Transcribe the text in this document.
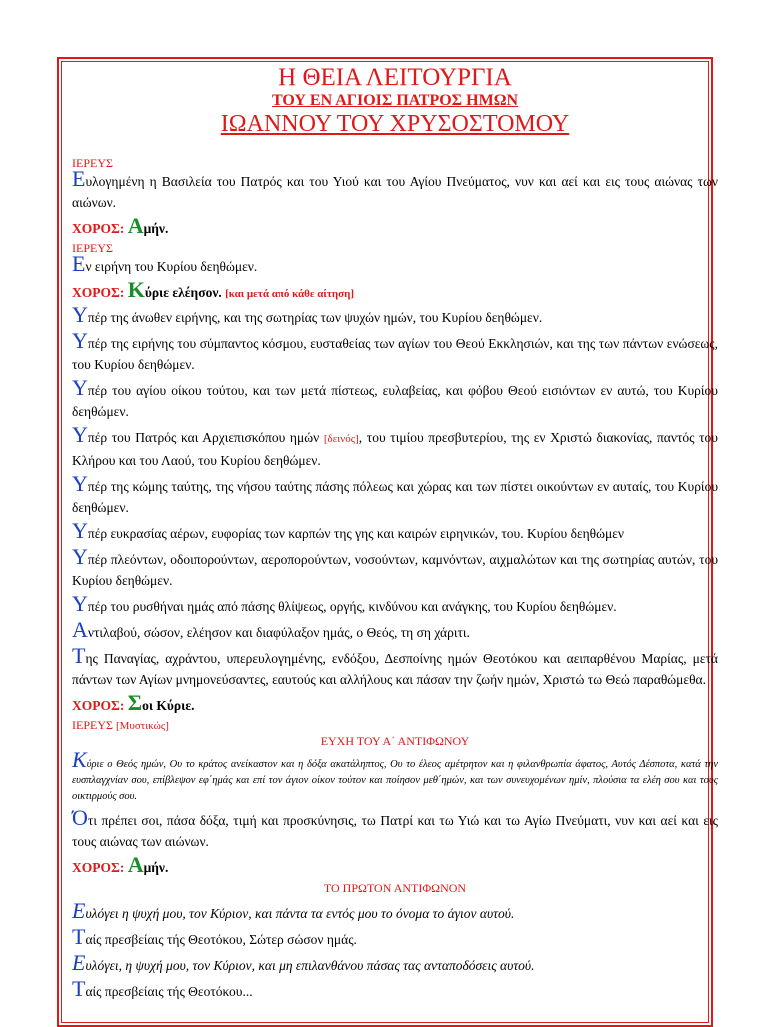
Η ΘΕΙΑ ΛΕΙΤΟΥΡΓΙΑ
ΤΟΥ ΕΝ ΑΓΙΟΙΣ ΠΑΤΡΟΣ ΗΜΩΝ
ΙΩΑΝΝΟΥ ΤΟΥ ΧΡΥΣΟΣΤΟΜΟΥ
ΙΕΡΕΥΣ
Ευλογημένη η Βασιλεία του Πατρός και του Υιού και του Αγίου Πνεύματος, νυν και αεί και εις τους αιώνας των αιώνων.
ΧΟΡΟΣ: Αμήν.
ΙΕΡΕΥΣ
Εν ειρήνη του Κυρίου δεηθώμεν.
ΧΟΡΟΣ: Κύριε ελέησον. [και μετά από κάθε αίτηση]
Υπέρ της άνωθεν ειρήνης, και της σωτηρίας των ψυχών ημών, του Κυρίου δεηθώμεν.
Υπέρ της ειρήνης του σύμπαντος κόσμου, ευσταθείας των αγίων του Θεού Εκκλησιών, και της των πάντων ενώσεως, του Κυρίου δεηθώμεν.
Υπέρ του αγίου οίκου τούτου, και των μετά πίστεως, ευλαβείας, και φόβου Θεού εισιόντων εν αυτώ, του Κυρίου δεηθώμεν.
Υπέρ του Πατρός και Αρχιεπισκόπου ημών [δεινός], του τιμίου πρεσβυτερίου, της εν Χριστώ διακονίας, παντός του Κλήρου και του Λαού, του Κυρίου δεηθώμεν.
Υπέρ της κώμης ταύτης, της νήσου ταύτης πάσης πόλεως και χώρας και των πίστει οικούντων εν αυταίς, του Κυρίου δεηθώμεν.
Υπέρ ευκρασίας αέρων, ευφορίας των καρπών της γης και καιρών ειρηνικών, του. Κυρίου δεηθώμεν
Υπέρ πλεόντων, οδοιπορούντων, αεροπορούντων, νοσούντων, καμνόντων, αιχμαλώτων και της σωτηρίας αυτών, του Κυρίου δεηθώμεν.
Υπέρ του ρυσθήναι ημάς από πάσης θλίψεως, οργής, κινδύνου και ανάγκης, του Κυρίου δεηθώμεν.
Αντιλαβού, σώσον, ελέησον και διαφύλαξον ημάς, ο Θεός, τη ση χάριτι.
Της Παναγίας, αχράντου, υπερευλογημένης, ενδόξου, Δεσποίνης ημών Θεοτόκου και αειπαρθένου Μαρίας, μετά πάντων των Αγίων μνημονεύσαντες, εαυτούς και αλλήλους και πάσαν την ζωήν ημών, Χριστώ τω Θεώ παραθώμεθα.
ΧΟΡΟΣ: Σοι Κύριε.
ΙΕΡΕΥΣ [Μυστικώς]
ΕΥΧΗ ΤΟΥ Α΄ ΑΝΤΙΦΩΝΟΥ
Κύριε ο Θεός ημών, Ου το κράτος ανείκαστον και η δόξα ακατάληπτος, Ου το έλεος αμέτρητον και η φιλανθρωπία άφατος, Αυτός Δέσποτα, κατά την ευσπλαγχνίαν σου, επίβλεψον εφ΄ημάς και επί τον άγιον οίκον τούτον και ποίησον μεθ΄ημών, και των συνευχομένων ημίν, πλούσια τα ελέη σου και τους οικτιρμούς σου.
Ότι πρέπει σοι, πάσα δόξα, τιμή και προσκύνησις, τω Πατρί και τω Υιώ και τω Αγίω Πνεύματι, νυν και αεί και εις τους αιώνας των αιώνων.
ΧΟΡΟΣ: Αμήν.
ΤΟ ΠΡΩΤΟΝ ΑΝΤΙΦΩΝΟΝ
Ευλόγει η ψυχή μου, τον Κύριον, και πάντα τα εντός μου το όνομα το άγιον αυτού.
Ταίς πρεσβείαις τής Θεοτόκου, Σώτερ σώσον ημάς.
Ευλόγει, η ψυχή μου, τον Κύριον, και μη επιλανθάνου πάσας τας ανταποδόσεις αυτού.
Ταίς πρεσβείαις τής Θεοτόκου...
